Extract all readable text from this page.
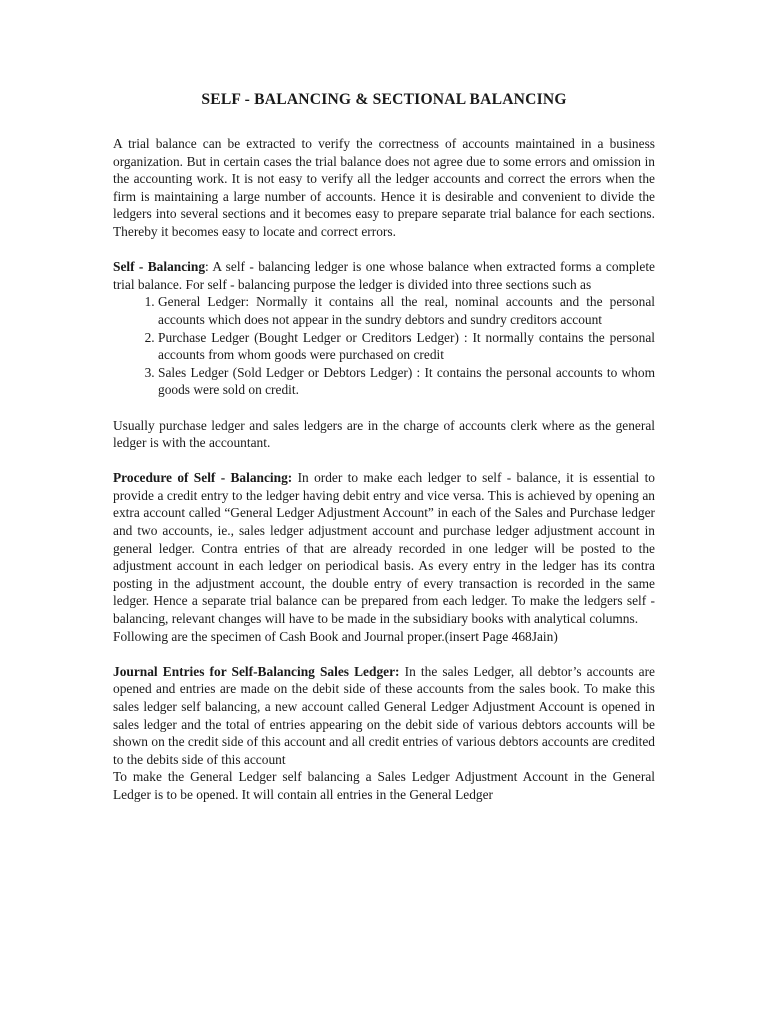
SELF - BALANCING & SECTIONAL BALANCING

A trial balance can be extracted to verify the correctness of accounts maintained in a business organization. But in certain cases the trial balance does not agree due to some errors and omission in the accounting work. It is not easy to verify all the ledger accounts and correct the errors when the firm is maintaining a large number of accounts. Hence it is desirable and convenient to divide the ledgers into several sections and it becomes easy to prepare separate trial balance for each sections. Thereby it becomes easy to locate and correct errors.

Self - Balancing: A self - balancing ledger is one whose balance when extracted forms a complete trial balance. For self - balancing purpose the ledger is divided into three sections such as

1. General Ledger: Normally it contains all the real, nominal accounts and the personal accounts which does not appear in the sundry debtors and sundry creditors account
2. Purchase Ledger (Bought Ledger or Creditors Ledger) : It normally contains the personal accounts from whom goods were purchased on credit
3. Sales Ledger (Sold Ledger or Debtors Ledger) : It contains the personal accounts to whom goods were sold on credit.

Usually purchase ledger and sales ledgers are in the charge of accounts clerk where as the general ledger is with the accountant.

Procedure of Self - Balancing: In order to make each ledger to self - balance, it is essential to provide a credit entry to the ledger having debit entry and vice versa. This is achieved by opening an extra account called “General Ledger Adjustment Account” in each of the Sales and Purchase ledger and two accounts, ie., sales ledger adjustment account and purchase ledger adjustment account in general ledger. Contra entries of that are already recorded in one ledger will be posted to the adjustment account in each ledger on periodical basis. As every entry in the ledger has its contra posting in the adjustment account, the double entry of every transaction is recorded in the same ledger. Hence a separate trial balance can be prepared from each ledger. To make the ledgers self - balancing, relevant changes will have to be made in the subsidiary books with analytical columns.

Following are the specimen of Cash Book and Journal proper.(insert Page 468Jain)

Journal Entries for Self-Balancing Sales Ledger: In the sales Ledger, all debtor’s accounts are opened and entries are made on the debit side of these accounts from the sales book. To make this sales ledger self balancing, a new account called General Ledger Adjustment Account is opened in sales ledger and the total of entries appearing on the debit side of various debtors accounts will be shown on the credit side of this account and all credit entries of various debtors accounts are credited to the debits side of this account

To make the General Ledger self balancing a Sales Ledger Adjustment Account in the General Ledger is to be opened. It will contain all entries in the General Ledger
